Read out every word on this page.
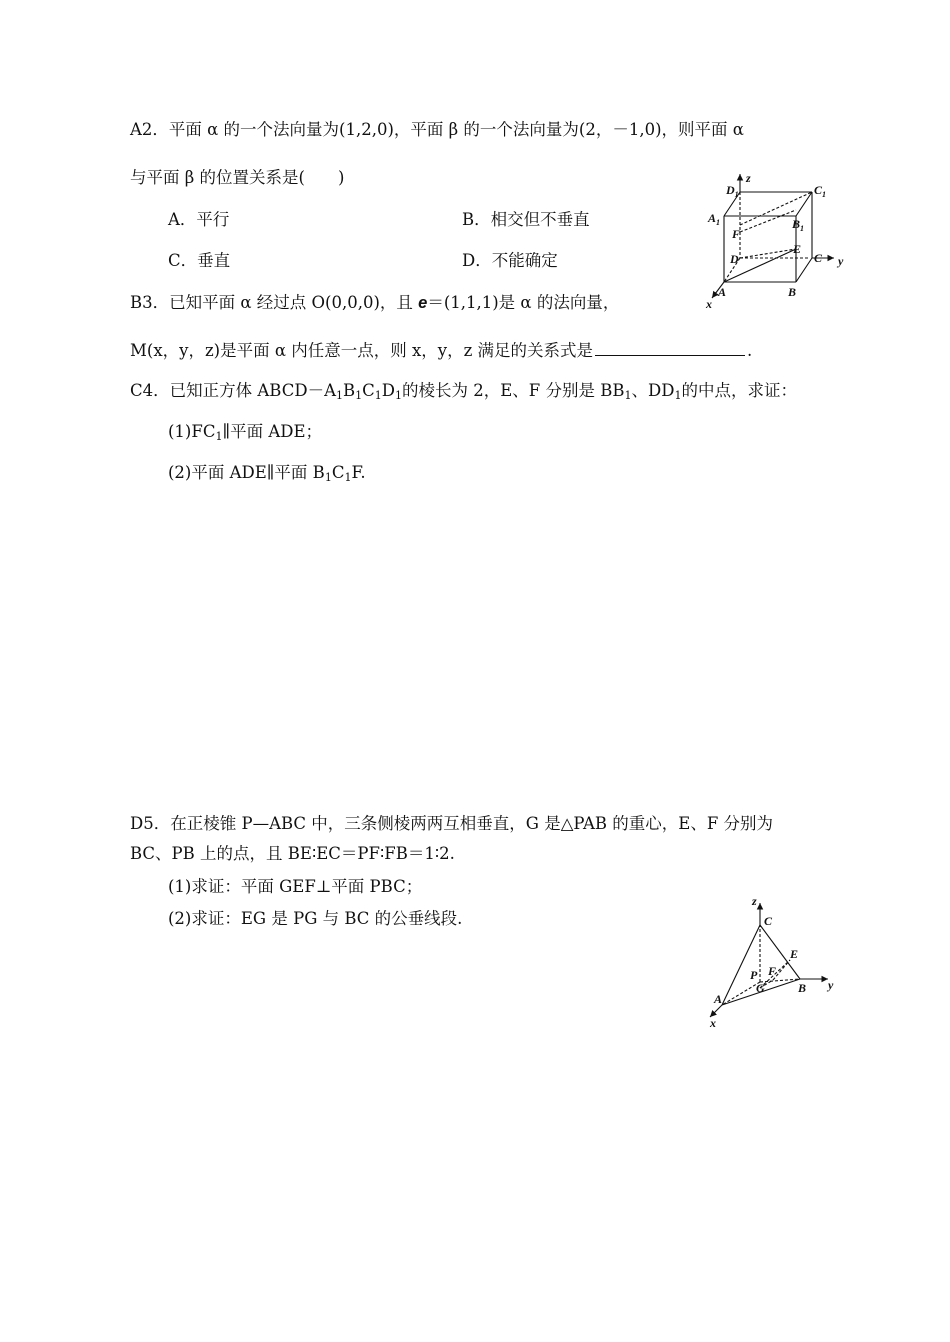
A2．平面 α 的一个法向量为(1,2,0)，平面 β 的一个法向量为(2，－1,0)，则平面 α
与平面 β 的位置关系是(　　)
A．平行	B．相交但不垂直
C．垂直	D．不能确定
B3．已知平面 α 经过点 O(0,0,0)，且 e＝(1,1,1)是 α 的法向量，
M(x，y，z)是平面 α 内任意一点，则 x，y，z 满足的关系式是	.
C4．已知正方体 $ABCD-A_1B_1C_1D_1$的棱长为 2，E、F 分别是 $BB_1$、$DD_1$的中点，求证：
$(1)FC_1\parallel$平面 ADE；
(2)平面 ADE∥平面 $B_1C_1F$.
D5．在正棱锥 P—ABC 中，三条侧棱两两互相垂直，G 是△PAB 的重心，E、F 分别为
BC、PB 上的点，且 BE∶EC＝PF∶FB＝1∶2.
(1)求证：平面 GEF⊥平面 PBC；
(2)求证：EG 是 PG 与 BC 的公垂线段.
z
y
x
$D_1$	$C_1$
$A_1$	$B_1$
F
E
D	C
A	B
z
y
x
C
E
P F
G
A
B
